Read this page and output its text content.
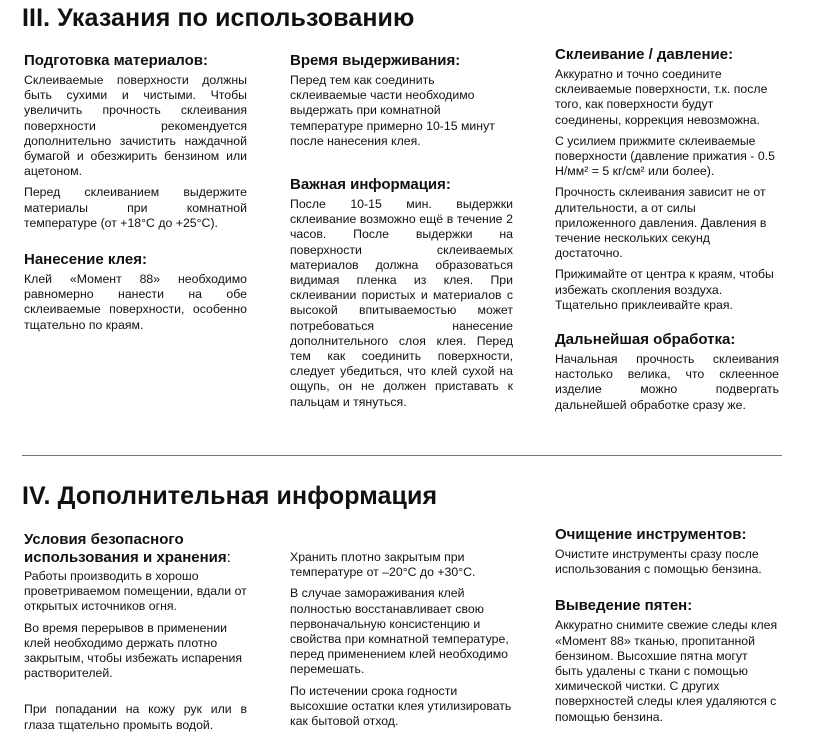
III. Указания по использованию
Подготовка материалов:

Склеиваемые поверхности должны быть сухими и чистыми. Чтобы увеличить прочность склеивания поверхности рекомендуется дополнительно зачистить наждачной бумагой и обезжирить бензином или ацетоном.

Перед склеиванием выдержите материалы при комнатной температуре (от +18°C до +25°C).

Нанесение клея:

Клей «Момент 88» необходимо равномерно нанести на обе склеиваемые поверхности, особенно тщательно по краям.

Время выдерживания:

Перед тем как соединить склеиваемые части необходимо выдержать при комнатной температуре примерно 10-15 минут после нанесения клея.

Важная информация:

После 10-15 мин. выдержки склеивание возможно ещё в течение 2 часов. После выдержки на поверхности склеиваемых материалов должна образоваться видимая пленка из клея. При склеивании пористых и материалов с высокой впитываемостью может потребоваться нанесение дополнительного слоя клея. Перед тем как соединить поверхности, следует убедиться, что клей сухой на ощупь, он не должен приставать к пальцам и тянуться.

Склеивание / давление:

Аккуратно и точно соедините склеиваемые поверхности, т.к. после того, как поверхности будут соединены, коррекция невозможна.

С усилием прижмите склеиваемые поверхности (давление прижатия - 0.5 Н/мм² = 5 кг/см² или более).

Прочность склеивания зависит не от длительности, а от силы приложенного давления. Давления в течение нескольких секунд достаточно.

Прижимайте от центра к краям, чтобы избежать скопления воздуха. Тщательно приклеивайте края.

Дальнейшая обработка:

Начальная прочность склеивания настолько велика, что склеенное изделие можно подвергать дальнейшей обработке сразу же.

IV. Дополнительная информация
Условия безопасного
использования и хранения:

Работы производить в хорошо проветриваемом помещении, вдали от открытых источников огня.

Во время перерывов в применении клей необходимо держать плотно закрытым, чтобы избежать испарения растворителей.

При попадании на кожу рук или в глаза тщательно промыть водой.

Хранить плотно закрытым при температуре от –20°C до +30°C.

В случае замораживания клей полностью восстанавливает свою первоначальную консистенцию и свойства при комнатной температуре, перед применением клей необходимо перемешать.

По истечении срока годности высохшие остатки клея утилизировать как бытовой отход.

Очищение инструментов:

Очистите инструменты сразу после использования с помощью бензина.

Выведение пятен:

Аккуратно снимите свежие следы клея «Момент 88» тканью, пропитанной бензином. Высохшие пятна могут быть удалены с ткани с помощью химической чистки. С других поверхностей следы клея удаляются с помощью бензина.
